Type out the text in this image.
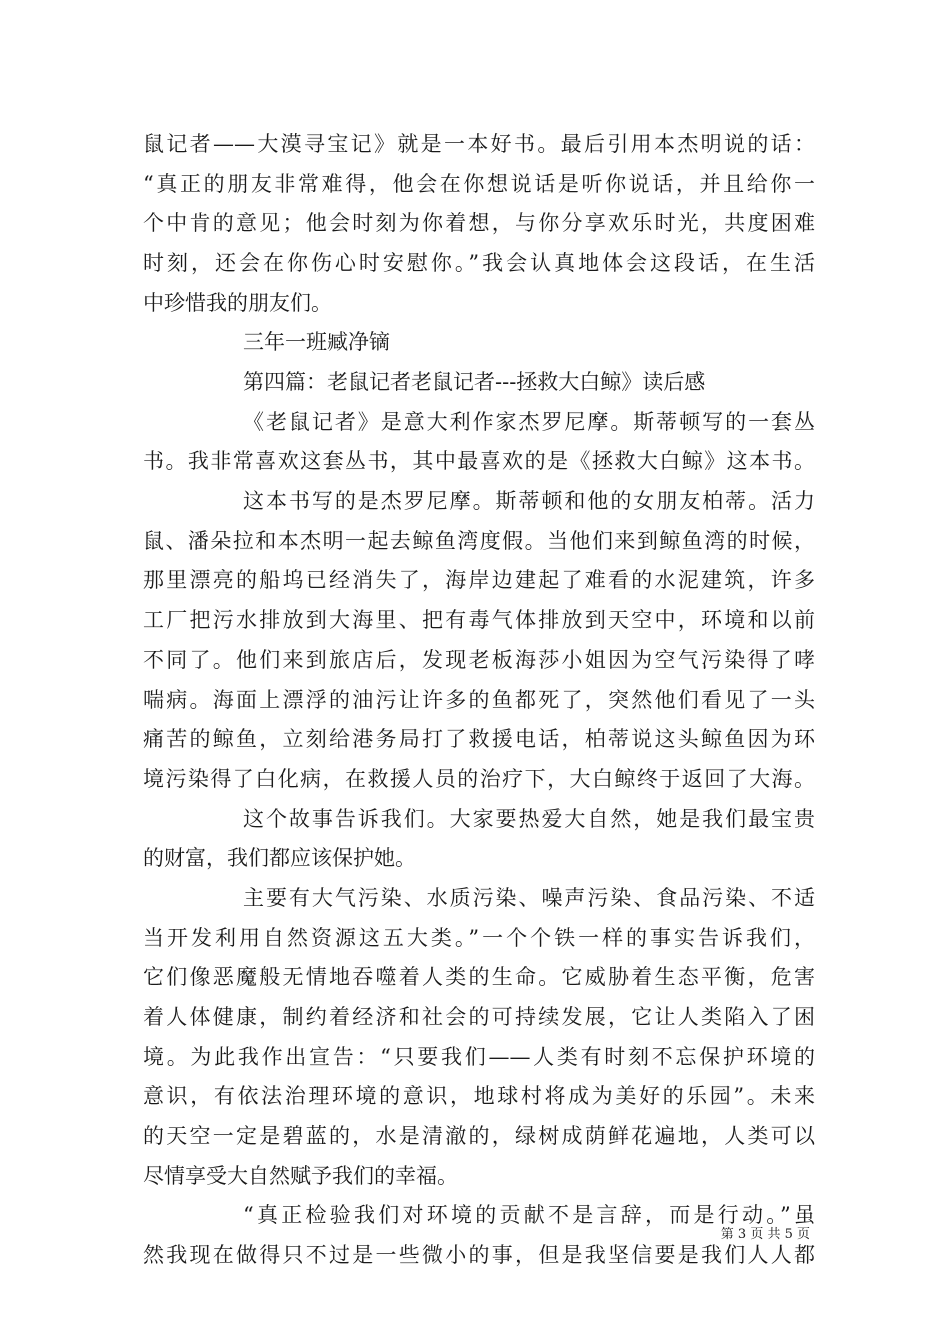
鼠记者——大漠寻宝记》就是一本好书。最后引用本杰明说的话：
“真正的朋友非常难得，他会在你想说话是听你说话，并且给你一
个中肯的意见；他会时刻为你着想，与你分享欢乐时光，共度困难
时刻，还会在你伤心时安慰你。”我会认真地体会这段话，在生活
中珍惜我的朋友们。
三年一班臧净镝
第四篇：老鼠记者老鼠记者---拯救大白鲸》读后感
《老鼠记者》是意大利作家杰罗尼摩。斯蒂顿写的一套丛
书。我非常喜欢这套丛书，其中最喜欢的是《拯救大白鲸》这本书。
这本书写的是杰罗尼摩。斯蒂顿和他的女朋友柏蒂。活力
鼠、潘朵拉和本杰明一起去鲸鱼湾度假。当他们来到鲸鱼湾的时候，
那里漂亮的船坞已经消失了，海岸边建起了难看的水泥建筑，许多
工厂把污水排放到大海里、把有毒气体排放到天空中，环境和以前
不同了。他们来到旅店后，发现老板海莎小姐因为空气污染得了哮
喘病。海面上漂浮的油污让许多的鱼都死了，突然他们看见了一头
痛苦的鲸鱼，立刻给港务局打了救援电话，柏蒂说这头鲸鱼因为环
境污染得了白化病，在救援人员的治疗下，大白鲸终于返回了大海。
这个故事告诉我们。大家要热爱大自然，她是我们最宝贵
的财富，我们都应该保护她。
主要有大气污染、水质污染、噪声污染、食品污染、不适
当开发利用自然资源这五大类。”一个个铁一样的事实告诉我们，
它们像恶魔般无情地吞噬着人类的生命。它威胁着生态平衡，危害
着人体健康，制约着经济和社会的可持续发展，它让人类陷入了困
境。为此我作出宣告：“只要我们——人类有时刻不忘保护环境的
意识，有依法治理环境的意识，地球村将成为美好的乐园”。未来
的天空一定是碧蓝的，水是清澈的，绿树成荫鲜花遍地，人类可以
尽情享受大自然赋予我们的幸福。
“真正检验我们对环境的贡献不是言辞，而是行动。”虽
然我现在做得只不过是一些微小的事，但是我坚信要是我们人人都
第 3 页 共 5 页
